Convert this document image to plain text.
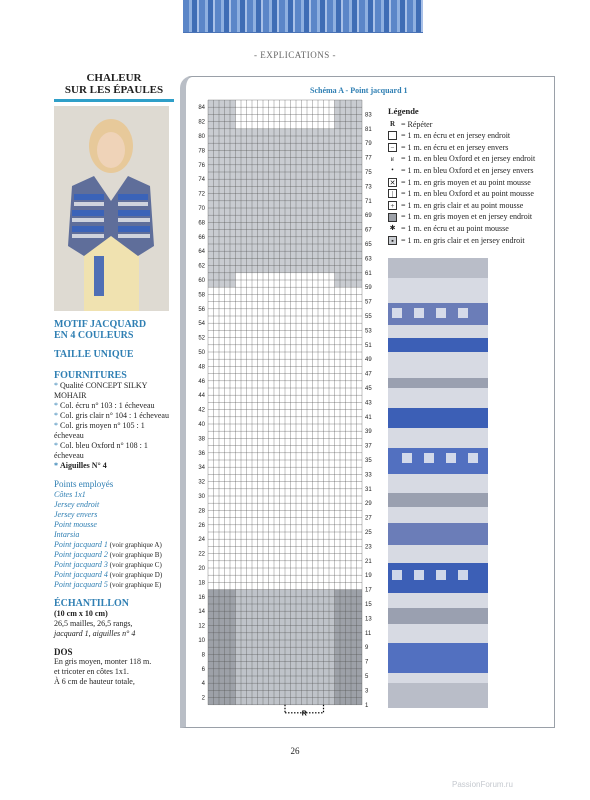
- EXPLICATIONS -
CHALEUR
SUR LES ÉPAULES
MOTIF JACQUARD
EN 4 COULEURS
TAILLE UNIQUE
FOURNITURES
* Qualité CONCEPT SILKY MOHAIR
* Col. écru n° 103 : 1 écheveau
* Col. gris clair n° 104 : 1 écheveau
* Col. gris moyen n° 105 : 1 écheveau
* Col. bleu Oxford n° 108 : 1 écheveau
* Aiguilles N° 4
Points employés
Côtes 1x1
Jersey endroit
Jersey envers
Point mousse
Intarsia
Point jacquard 1 (voir graphique A)
Point jacquard 2 (voir graphique B)
Point jacquard 3 (voir graphique C)
Point jacquard 4 (voir graphique D)
Point jacquard 5 (voir graphique E)
ÉCHANTILLON
(10 cm x 10 cm)
26,5 mailles, 26,5 rangs,
jacquard 1, aiguilles n° 4
DOS
En gris moyen, monter 118 m.
et tricoter en côtes 1x1.
À 6 cm de hauteur totale,
Schéma A - Point jacquard 1
84
82
80
78
76
74
72
70
68
66
64
62
60
58
56
54
52
50
48
46
44
42
40
38
36
34
32
30
28
26
24
22
20
18
16
14
12
10
8
6
4
2
83
81
79
77
75
73
71
69
67
65
63
61
59
57
55
53
51
49
47
45
43
41
39
37
35
33
31
29
27
25
23
21
19
17
15
13
11
9
7
5
3
1
R
Légende
R = Répéter
= 1 m. en écru et en jersey endroit
− = 1 m. en écru et en jersey envers
ʁ = 1 m. en bleu Oxford et en jersey endroit
• = 1 m. en bleu Oxford et en jersey envers
✕ = 1 m. en gris moyen et au point mousse
| = 1 m. en bleu Oxford et au point mousse
+ = 1 m. en gris clair et au point mousse
= 1 m. en gris moyen et en jersey endroit
✱ = 1 m. en écru et au point mousse
▪ = 1 m. en gris clair et en jersey endroit
26
PassionForum.ru
